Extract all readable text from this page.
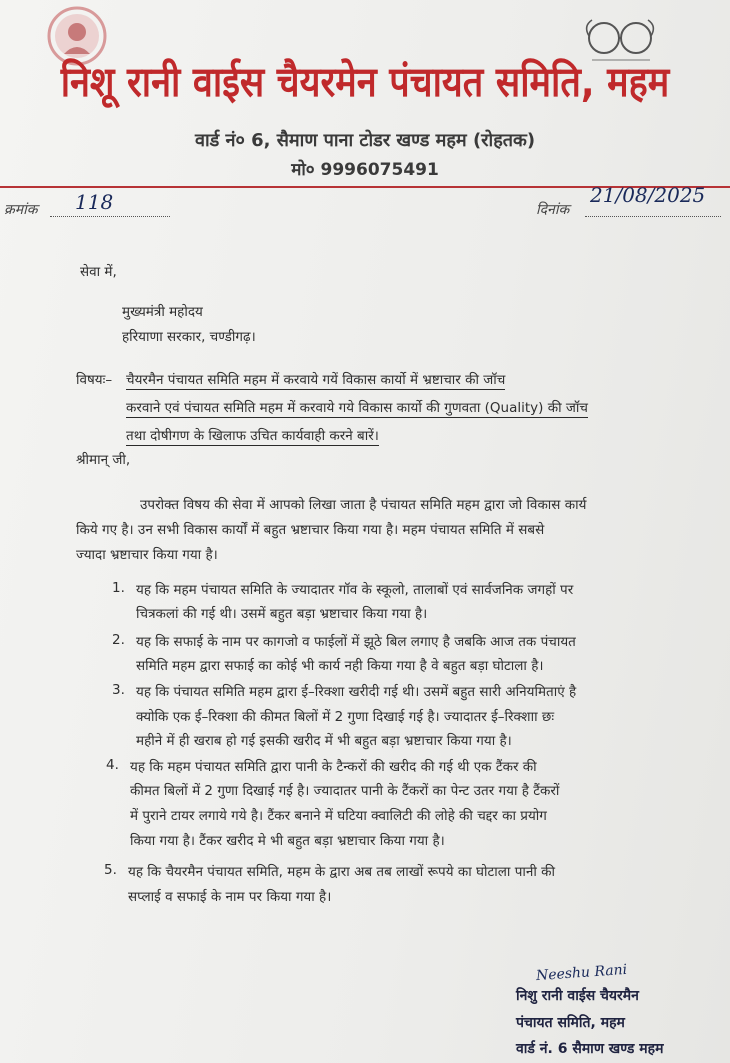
निशू रानी वाईस चैयरमेन पंचायत समिति, महम
वार्ड नं० 6, सैमाण पाना टोडर खण्ड महम (रोहतक)
मो० 9996075491
क्रमांक 118	दिनांक
21/08/2025
सेवा में,
मुख्यमंत्री महोदय
हरियाणा सरकार, चण्डीगढ़।
विषयः– चैयरमैन पंचायत समिति महम में करवाये गयें विकास कार्यो में भ्रष्टाचार की जॉच
करवाने एवं पंचायत समिति महम में करवाये गये विकास कार्यो की गुणवता (Quality) की जॉच
तथा दोषीगण के खिलाफ उचित कार्यवाही करने बारें।
श्रीमान् जी,
उपरोक्त विषय की सेवा में आपको लिखा जाता है पंचायत समिति महम द्वारा जो विकास कार्य
किये गए है। उन सभी विकास कार्यों में बहुत भ्रष्टाचार किया गया है। महम पंचायत समिति में सबसे
ज्यादा भ्रष्टाचार किया गया है।
1. यह कि महम पंचायत समिति के ज्यादातर गॉव के स्कूलो, तालाबों एवं सार्वजनिक जगहों पर
चित्रकलां की गई थी। उसमें बहुत बड़ा भ्रष्टाचार किया गया है।
2. यह कि सफाई के नाम पर कागजो व फाईलों में झूठे बिल लगाए है जबकि आज तक पंचायत
समिति महम द्वारा सफाई का कोई भी कार्य नही किया गया है वे बहुत बड़ा घोटाला है।
3. यह कि पंचायत समिति महम द्वारा ई–रिक्शा खरीदी गई थी। उसमें बहुत सारी अनियमिताएं है
क्योकि एक ई–रिक्शा की कीमत बिलों में 2 गुणा दिखाई गई है। ज्यादातर ई–रिक्शाा छः
महीने में ही खराब हो गई इसकी खरीद में भी बहुत बड़ा भ्रष्टाचार किया गया है।
4. यह कि महम पंचायत समिति द्वारा पानी के टैन्करों की खरीद की गई थी एक टैंकर की
कीमत बिलों में 2 गुणा दिखाई गई है। ज्यादातर पानी के टैंकरों का पेन्ट उतर गया है टैंकरों
में पुराने टायर लगाये गये है। टैंकर बनाने में घटिया क्वालिटी की लोहे की चद्दर का प्रयोग
किया गया है। टैंकर खरीद मे भी बहुत बड़ा भ्रष्टाचार किया गया है।
5. यह कि चैयरमैन पंचायत समिति, महम के द्वारा अब तब लाखों रूपये का घोटाला पानी की
सप्लाई व सफाई के नाम पर किया गया है।
Neeshu Rani
निशु रानी वाईस चैयरमैन
पंचायत समिति, महम
वार्ड नं. 6 सैमाण खण्ड महम
